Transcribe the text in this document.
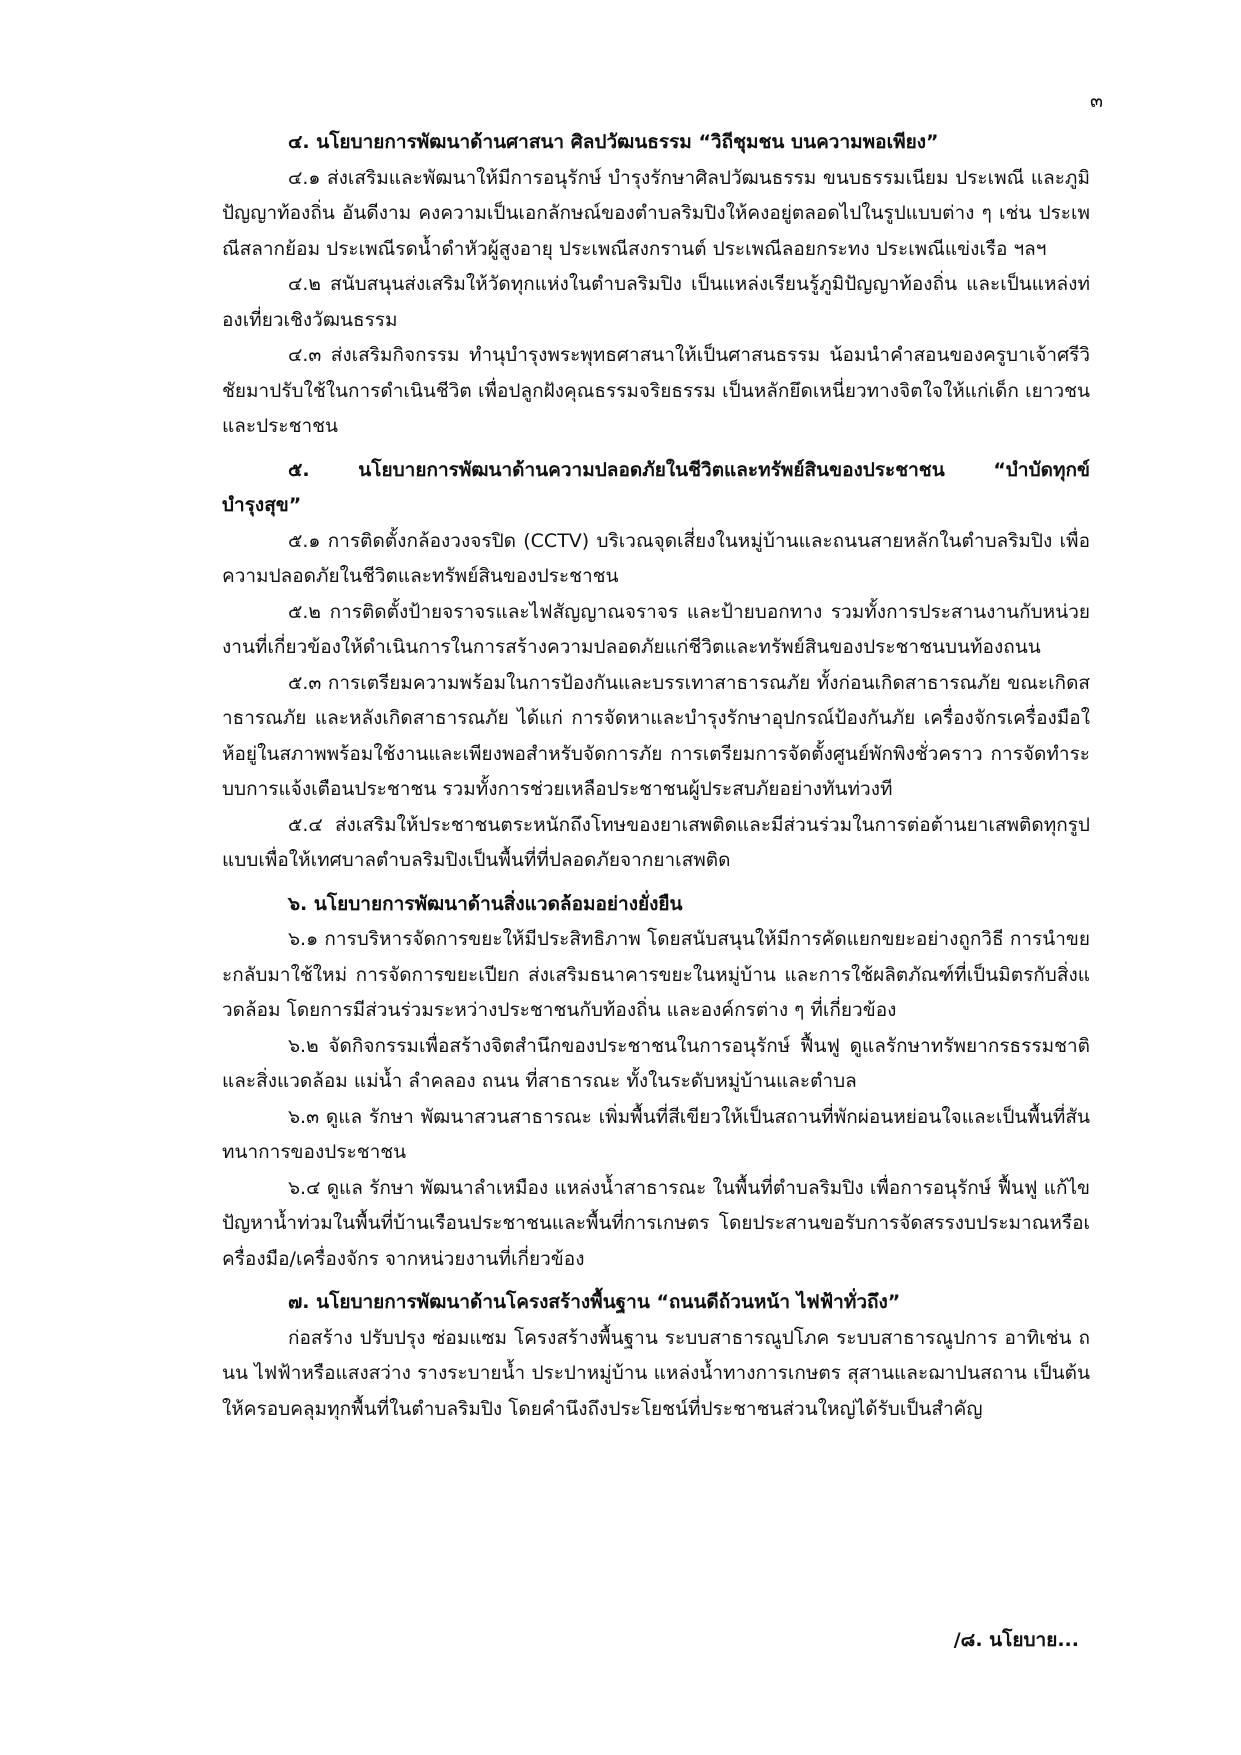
๓

๔. นโยบายการพัฒนาด้านศาสนา ศิลปวัฒนธรรม “วิถีชุมชน บนความพอเพียง”

๔.๑ ส่งเสริมและพัฒนาให้มีการอนุรักษ์ บำรุงรักษาศิลปวัฒนธรรม ขนบธรรมเนียม ประเพณี และภูมิปัญญาท้องถิ่น อันดีงาม คงความเป็นเอกลักษณ์ของตำบลริมปิงให้คงอยู่ตลอดไปในรูปแบบต่าง ๆ เช่น ประเพณีสลากย้อม ประเพณีรดน้ำดำหัวผู้สูงอายุ ประเพณีสงกรานต์ ประเพณีลอยกระทง ประเพณีแข่งเรือ ฯลฯ

๔.๒ สนับสนุนส่งเสริมให้วัดทุกแห่งในตำบลริมปิง เป็นแหล่งเรียนรู้ภูมิปัญญาท้องถิ่น และเป็นแหล่งท่องเที่ยวเชิงวัฒนธรรม

๔.๓ ส่งเสริมกิจกรรม ทำนุบำรุงพระพุทธศาสนาให้เป็นศาสนธรรม น้อมนำคำสอนของครูบาเจ้าศรีวิชัยมาปรับใช้ในการดำเนินชีวิต เพื่อปลูกฝังคุณธรรมจริยธรรม เป็นหลักยึดเหนี่ยวทางจิตใจให้แก่เด็ก เยาวชน และประชาชน

๕. นโยบายการพัฒนาด้านความปลอดภัยในชีวิตและทรัพย์สินของประชาชน “บำบัดทุกข์ บำรุงสุข”

๕.๑ การติดตั้งกล้องวงจรปิด (CCTV) บริเวณจุดเสี่ยงในหมู่บ้านและถนนสายหลักในตำบลริมปิง เพื่อความปลอดภัยในชีวิตและทรัพย์สินของประชาชน

๕.๒ การติดตั้งป้ายจราจรและไฟสัญญาณจราจร และป้ายบอกทาง รวมทั้งการประสานงานกับหน่วยงานที่เกี่ยวข้องให้ดำเนินการในการสร้างความปลอดภัยแก่ชีวิตและทรัพย์สินของประชาชนบนท้องถนน

๕.๓ การเตรียมความพร้อมในการป้องกันและบรรเทาสาธารณภัย ทั้งก่อนเกิดสาธารณภัย ขณะเกิดสาธารณภัย และหลังเกิดสาธารณภัย ได้แก่ การจัดหาและบำรุงรักษาอุปกรณ์ป้องกันภัย เครื่องจักรเครื่องมือให้อยู่ในสภาพพร้อมใช้งานและเพียงพอสำหรับจัดการภัย การเตรียมการจัดตั้งศูนย์พักพิงชั่วคราว การจัดทำระบบการแจ้งเตือนประชาชน รวมทั้งการช่วยเหลือประชาชนผู้ประสบภัยอย่างทันท่วงที

๕.๔ ส่งเสริมให้ประชาชนตระหนักถึงโทษของยาเสพติดและมีส่วนร่วมในการต่อต้านยาเสพติดทุกรูปแบบเพื่อให้เทศบาลตำบลริมปิงเป็นพื้นที่ที่ปลอดภัยจากยาเสพติด

๖. นโยบายการพัฒนาด้านสิ่งแวดล้อมอย่างยั่งยืน

๖.๑ การบริหารจัดการขยะให้มีประสิทธิภาพ โดยสนับสนุนให้มีการคัดแยกขยะอย่างถูกวิธี การนำขยะกลับมาใช้ใหม่ การจัดการขยะเปียก ส่งเสริมธนาคารขยะในหมู่บ้าน และการใช้ผลิตภัณฑ์ที่เป็นมิตรกับสิ่งแวดล้อม โดยการมีส่วนร่วมระหว่างประชาชนกับท้องถิ่น และองค์กรต่าง ๆ ที่เกี่ยวข้อง

๖.๒ จัดกิจกรรมเพื่อสร้างจิตสำนึกของประชาชนในการอนุรักษ์ ฟื้นฟู ดูแลรักษาทรัพยากรธรรมชาติและสิ่งแวดล้อม แม่น้ำ ลำคลอง ถนน ที่สาธารณะ ทั้งในระดับหมู่บ้านและตำบล

๖.๓ ดูแล รักษา พัฒนาสวนสาธารณะ เพิ่มพื้นที่สีเขียวให้เป็นสถานที่พักผ่อนหย่อนใจและเป็นพื้นที่สันทนาการของประชาชน

๖.๔ ดูแล รักษา พัฒนาลำเหมือง แหล่งน้ำสาธารณะ ในพื้นที่ตำบลริมปิง เพื่อการอนุรักษ์ ฟื้นฟู แก้ไขปัญหาน้ำท่วมในพื้นที่บ้านเรือนประชาชนและพื้นที่การเกษตร โดยประสานขอรับการจัดสรรงบประมาณหรือเครื่องมือ/เครื่องจักร จากหน่วยงานที่เกี่ยวข้อง

๗. นโยบายการพัฒนาด้านโครงสร้างพื้นฐาน “ถนนดีถ้วนหน้า ไฟฟ้าทั่วถึง”

ก่อสร้าง ปรับปรุง ซ่อมแซม โครงสร้างพื้นฐาน ระบบสาธารณูปโภค ระบบสาธารณูปการ อาทิเช่น ถนน ไฟฟ้าหรือแสงสว่าง รางระบายน้ำ ประปาหมู่บ้าน แหล่งน้ำทางการเกษตร สุสานและฌาปนสถาน เป็นต้น ให้ครอบคลุมทุกพื้นที่ในตำบลริมปิง โดยคำนึงถึงประโยชน์ที่ประชาชนส่วนใหญ่ได้รับเป็นสำคัญ

/๘. นโยบาย...
